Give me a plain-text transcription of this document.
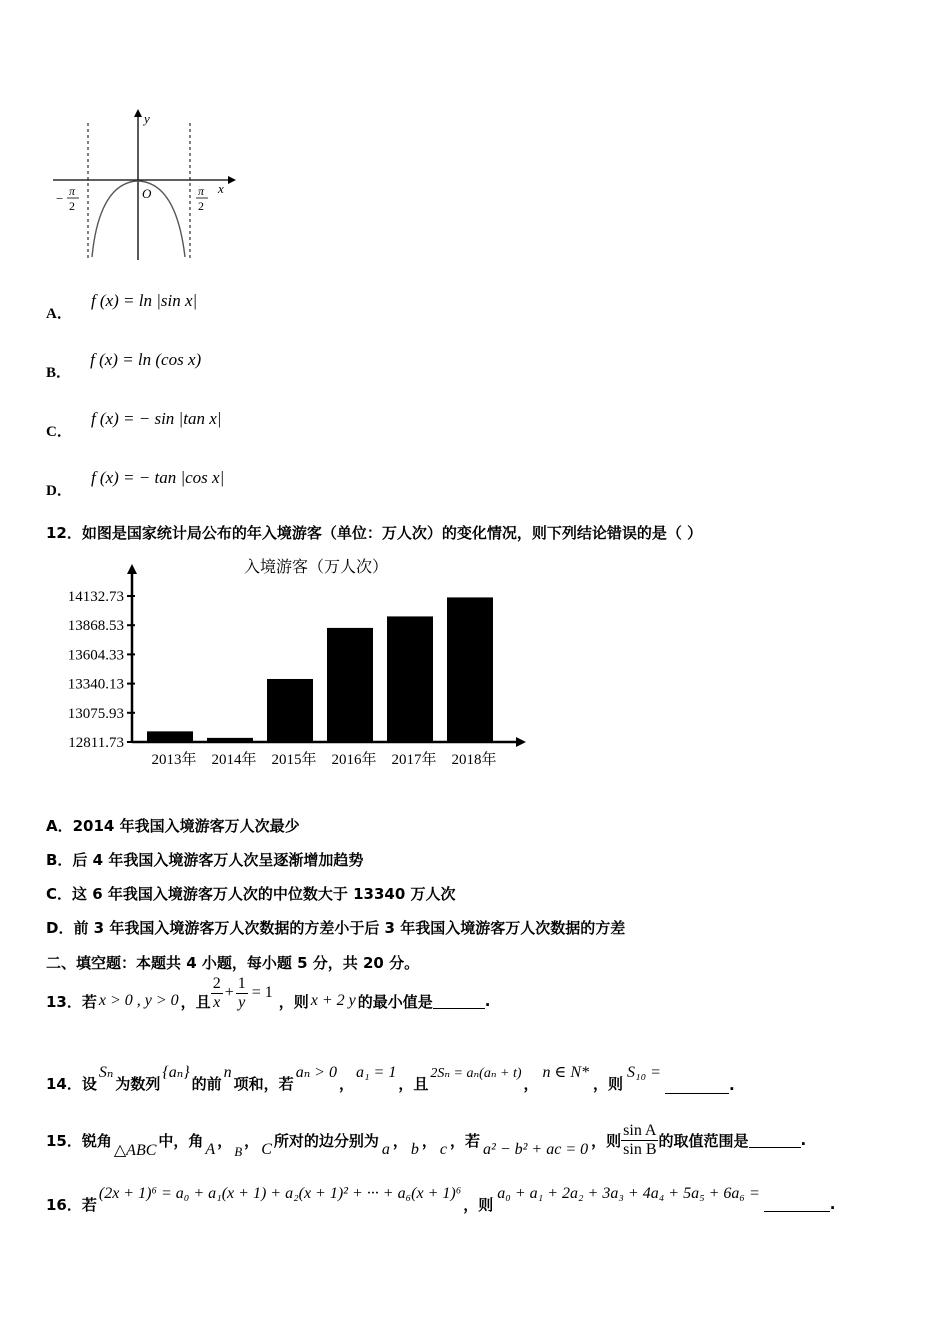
y
x
O
− π
2
π
2
A． f (x) = ln |sin x|
B． f (x) = ln (cos x)
C． f (x) = − sin |tan x|
D． f (x) = − tan |cos x|
12．如图是国家统计局公布的年入境游客（单位：万人次）的变化情况，则下列结论错误的是（ ）
入境游客（万人次）
12811.73
13075.93
13340.13
13604.33
13868.53
14132.73
2013年 2014年 2015年 2016年 2017年 2018年
A．2014 年我国入境游客万人次最少
B．后 4 年我国入境游客万人次呈逐渐增加趋势
C．这 6 年我国入境游客万人次的中位数大于 13340 万人次
D．前 3 年我国入境游客万人次数据的方差小于后 3 年我国入境游客万人次数据的方差
二、填空题：本题共 4 小题，每小题 5 分，共 20 分。
13．若 x > 0 , y > 0 ，且 $\frac{2}{x} + \frac{1}{y} = 1$ ，则 x + 2 y 的最小值是	.
14．设
Sₙ
为数列
{aₙ}
的前
n
项和，若
aₙ > 0
，
a₁ = 1
，且
2Sₙ = aₙ(aₙ + t)
，
n ∈ N*
，则
S₁₀ =
.
15．锐角
△ABC
中，角 A ，
B
， C 所对的边分别为 a ， b ， c ，若 a² − b² + ac = 0 ，则 $\frac{\text{sin A}}{\text{sin B}}$ 的取值范围是	.
16．若
(2x + 1)⁶ = a₀ + a₁(x + 1) + a₂(x + 1)² + ··· + a₆(x + 1)⁶
，则
a₀ + a₁ + 2a₂ + 3a₃ + 4a₄ + 5a₅ + 6a₆ =
.
